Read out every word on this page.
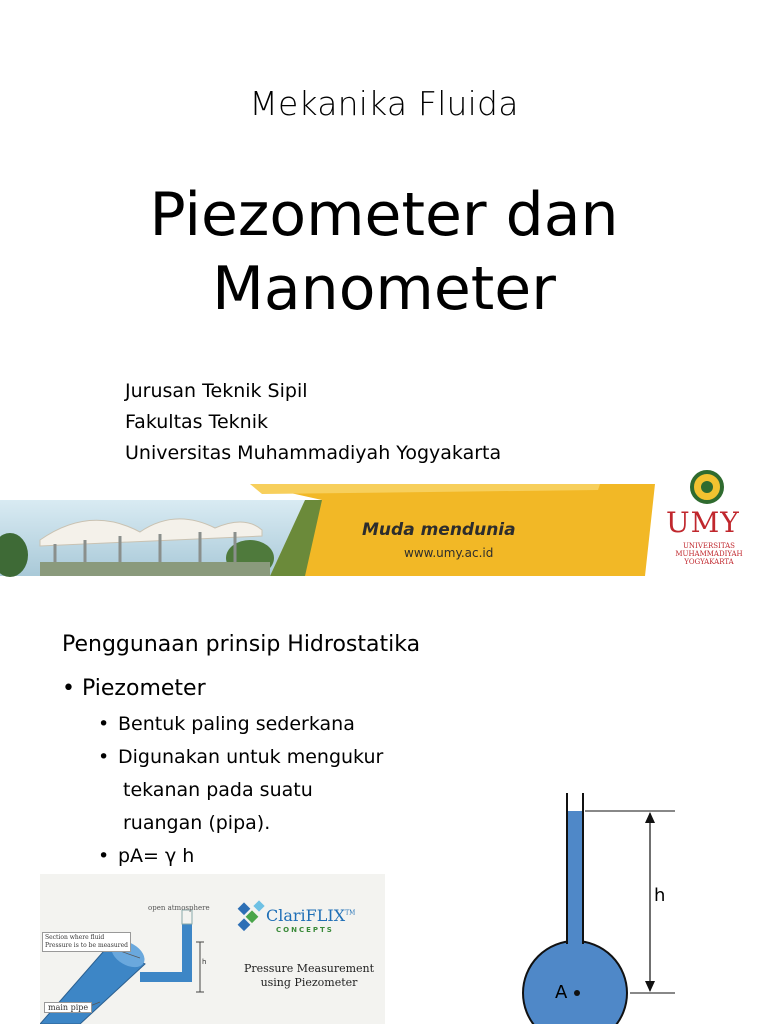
Mekanika Fluida
Piezometer dan
Manometer
Jurusan Teknik Sipil
Fakultas Teknik
Universitas Muhammadiyah Yogyakarta
Muda mendunia
www.umy.ac.id
UMY
UNIVERSITAS
MUHAMMADIYAH
YOGYAKARTA
Penggunaan prinsip Hidrostatika
• Piezometer
• Bentuk paling sederkana
• Digunakan untuk mengukur
tekanan pada suatu
ruangan (pipa).
• pA= γ h
open atmosphere
Section where fluid
Pressure is to be measured
main pipe
h
ClariFLIX™
CONCEPTS
Pressure Measurement
using Piezometer
h
A
